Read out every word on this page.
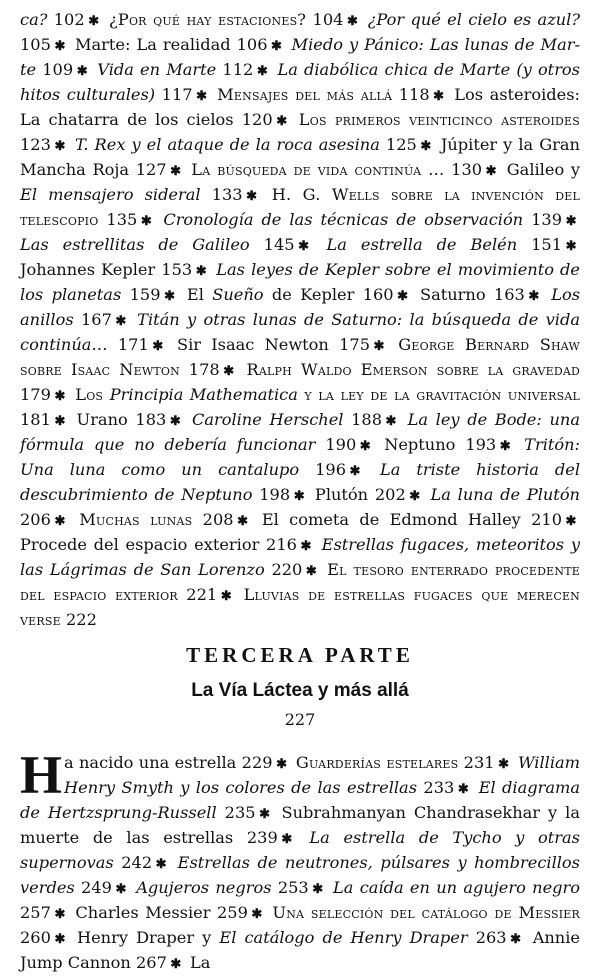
ca? 102 ✱ ¿Por qué hay estaciones? 104 ✱ ¿Por qué el cielo es azul? 105 ✱ Marte: La realidad 106 ✱ Miedo y Pánico: Las lunas de Marte 109 ✱ Vida en Marte 112 ✱ La diabólica chica de Marte (y otros hitos culturales) 117 ✱ Mensajes del más allá 118 ✱ Los asteroides: La chatarra de los cielos 120 ✱ Los primeros veinticinco asteroides 123 ✱ T. Rex y el ataque de la roca asesina 125 ✱ Júpiter y la Gran Mancha Roja 127 ✱ La búsqueda de vida continúa … 130 ✱ Galileo y El mensajero sideral 133 ✱ H. G. Wells sobre la invención del telescopio 135 ✱ Cronología de las técnicas de observación 139 ✱ Las estrellitas de Galileo 145 ✱ La estrella de Belén 151 ✱ Johannes Kepler 153 ✱ Las leyes de Kepler sobre el movimiento de los planetas 159 ✱ El Sueño de Kepler 160 ✱ Saturno 163 ✱ Los anillos 167 ✱ Titán y otras lunas de Saturno: la búsqueda de vida continúa… 171 ✱ Sir Isaac Newton 175 ✱ George Bernard Shaw sobre Isaac Newton 178 ✱ Ralph Waldo Emerson sobre la gravedad 179 ✱ Los Principia Mathematica y la ley de la gravitación universal 181 ✱ Urano 183 ✱ Caroline Herschel 188 ✱ La ley de Bode: una fórmula que no debería funcionar 190 ✱ Neptuno 193 ✱ Tritón: Una luna como un cantalupo 196 ✱ La triste historia del descubrimiento de Neptuno 198 ✱ Plutón 202 ✱ La luna de Plutón 206 ✱ Muchas lunas 208 ✱ El cometa de Edmond Halley 210 ✱ Procede del espacio exterior 216 ✱ Estrellas fugaces, meteoritos y las Lágrimas de San Lorenzo 220 ✱ El tesoro enterrado procedente del espacio exterior 221 ✱ Lluvias de estrellas fugaces que merecen verse 222

TERCERA PARTE
La Vía Láctea y más allá
227

H a nacido una estrella 229 ✱ Guarderías estelares 231 ✱ William Henry Smyth y los colores de las estrellas 233 ✱ El diagrama de Hertzsprung-Russell 235 ✱ Subrahmanyan Chandrasekhar y la muerte de las estrellas 239 ✱ La estrella de Tycho y otras supernovas 242 ✱ Estrellas de neutrones, púlsares y hombrecillos verdes 249 ✱ Agujeros negros 253 ✱ La caída en un agujero negro 257 ✱ Charles Messier 259 ✱ Una selección del catálogo de Messier 260 ✱ Henry Draper y El catálogo de Henry Draper 263 ✱ Annie Jump Cannon 267 ✱ La
